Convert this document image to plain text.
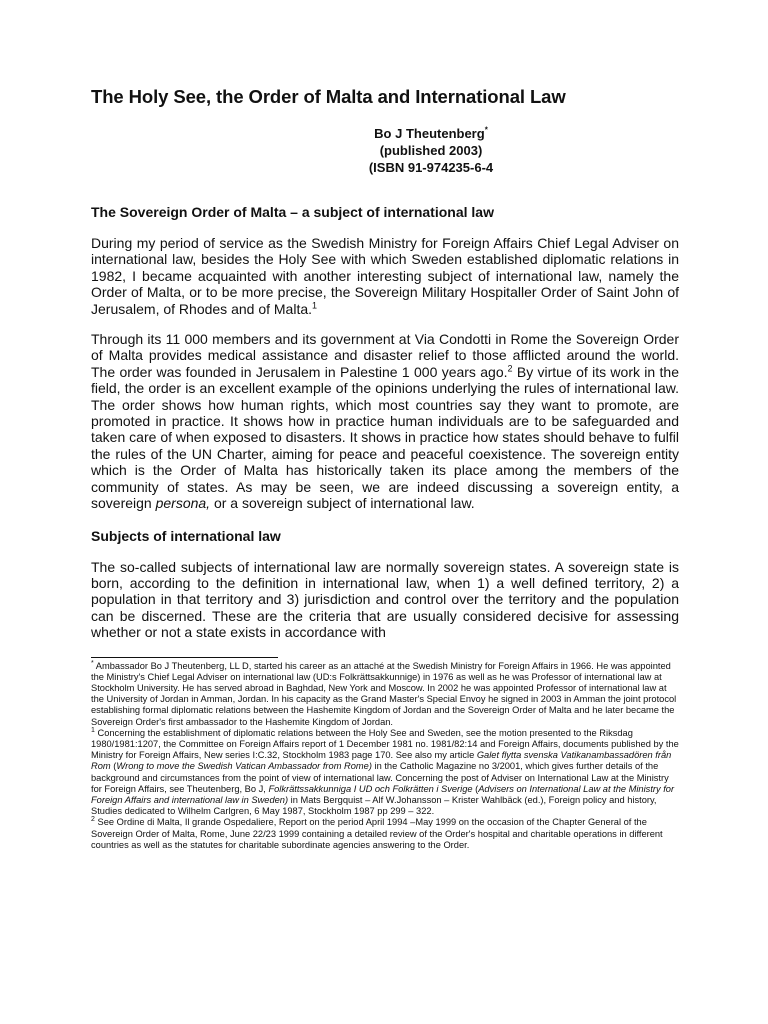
The Holy See, the Order of Malta and International Law
Bo J Theutenberg*
(published 2003)
(ISBN 91-974235-6-4
The Sovereign Order of Malta – a subject of international law

During my period of service as the Swedish Ministry for Foreign Affairs Chief Legal Adviser on international law, besides the Holy See with which Sweden established diplomatic relations in 1982, I became acquainted with another interesting subject of international law, namely the Order of Malta, or to be more precise, the Sovereign Military Hospitaller Order of Saint John of Jerusalem, of Rhodes and of Malta.$^1$

Through its 11 000 members and its government at Via Condotti in Rome the Sovereign Order of Malta provides medical assistance and disaster relief to those afflicted around the world. The order was founded in Jerusalem in Palestine 1 000 years ago.$^2$ By virtue of its work in the field, the order is an excellent example of the opinions underlying the rules of international law. The order shows how human rights, which most countries say they want to promote, are promoted in practice. It shows how in practice human individuals are to be safeguarded and taken care of when exposed to disasters. It shows in practice how states should behave to fulfil the rules of the UN Charter, aiming for peace and peaceful coexistence. The sovereign entity which is the Order of Malta has historically taken its place among the members of the community of states. As may be seen, we are indeed discussing a sovereign entity, a sovereign persona, or a sovereign subject of international law.

Subjects of international law

The so-called subjects of international law are normally sovereign states. A sovereign state is born, according to the definition in international law, when 1) a well defined territory, 2) a population in that territory and 3) jurisdiction and control over the territory and the population can be discerned. These are the criteria that are usually considered decisive for assessing whether or not a state exists in accordance with

* Ambassador Bo J Theutenberg, LL D, started his career as an attaché at the Swedish Ministry for Foreign Affairs in 1966. He was appointed the Ministry's Chief Legal Adviser on international law (UD:s Folkrättsakkunnige) in 1976 as well as he was Professor of international law at Stockholm University. He has served abroad in Baghdad, New York and Moscow. In 2002 he was appointed Professor of international law at the University of Jordan in Amman, Jordan. In his capacity as the Grand Master's Special Envoy he signed in 2003 in Amman the joint protocol establishing formal diplomatic relations between the Hashemite Kingdom of Jordan and the Sovereign Order of Malta and he later became the Sovereign Order's first ambassador to the Hashemite Kingdom of Jordan.

$^1$ Concerning the establishment of diplomatic relations between the Holy See and Sweden, see the motion presented to the Riksdag 1980/1981:1207, the Committee on Foreign Affairs report of 1 December 1981 no. 1981/82:14 and Foreign Affairs, documents published by the Ministry for Foreign Affairs, New series I:C.32, Stockholm 1983 page 170. See also my article Galet flytta svenska Vatikanambassadören från Rom (Wrong to move the Swedish Vatican Ambassador from Rome) in the Catholic Magazine no 3/2001, which gives further details of the background and circumstances from the point of view of international law. Concerning the post of Adviser on International Law at the Ministry for Foreign Affairs, see Theutenberg, Bo J, Folkrättssakkunniga I UD och Folkrätten i Sverige (Advisers on International Law at the Ministry for Foreign Affairs and international law in Sweden) in Mats Bergquist – Alf W.Johansson – Krister Wahlbäck (ed.), Foreign policy and history, Studies dedicated to Wilhelm Carlgren, 6 May 1987, Stockholm 1987 pp 299 – 322.

$^2$ See Ordine di Malta, Il grande Ospedaliere, Report on the period April 1994 –May 1999 on the occasion of the Chapter General of the Sovereign Order of Malta, Rome, June 22/23 1999 containing a detailed review of the Order's hospital and charitable operations in different countries as well as the statutes for charitable subordinate agencies answering to the Order.
